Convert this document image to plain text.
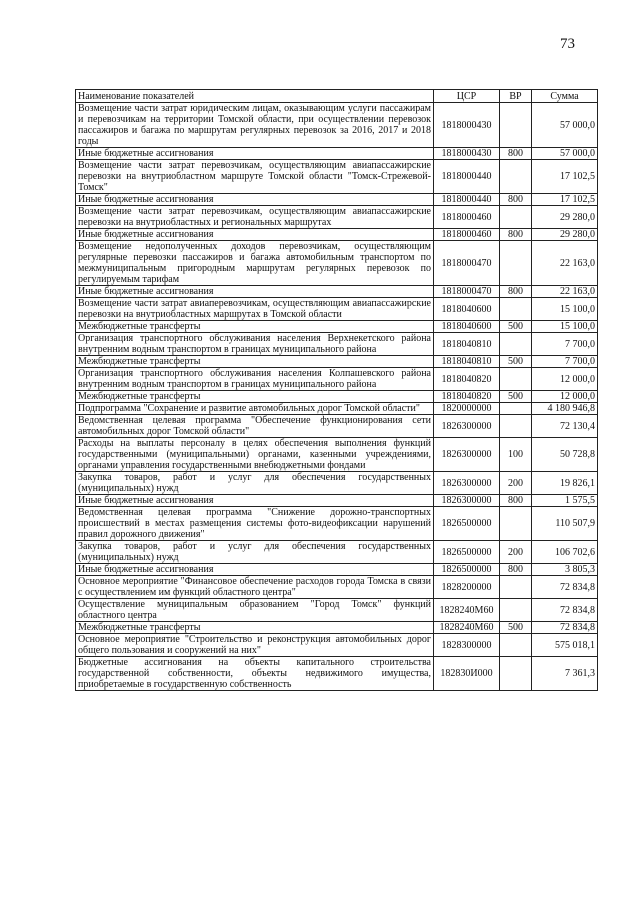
73
Наименование показателей	ЦСР	ВР	Сумма
Возмещение части затрат юридическим лицам, оказывающим услуги пассажирам и перевозчикам на территории Томской области, при осуществлении перевозок пассажиров и багажа по маршрутам регулярных перевозок за 2016, 2017 и 2018 годы	1818000430		57 000,0
Иные бюджетные ассигнования	1818000430	800	57 000,0
Возмещение части затрат перевозчикам, осуществляющим авиапассажирские перевозки на внутриобластном маршруте Томской области "Томск-Стрежевой-Томск"	1818000440		17 102,5
Иные бюджетные ассигнования	1818000440	800	17 102,5
Возмещение части затрат перевозчикам, осуществляющим авиапассажирские перевозки на внутриобластных и региональных маршрутах	1818000460		29 280,0
Иные бюджетные ассигнования	1818000460	800	29 280,0
Возмещение недополученных доходов перевозчикам, осуществляющим регулярные перевозки пассажиров и багажа автомобильным транспортом по межмуниципальным пригородным маршрутам регулярных перевозок по регулируемым тарифам	1818000470		22 163,0
Иные бюджетные ассигнования	1818000470	800	22 163,0
Возмещение части затрат авиаперевозчикам, осуществляющим авиапассажирские перевозки на внутриобластных маршрутах в Томской области	1818040600		15 100,0
Межбюджетные трансферты	1818040600	500	15 100,0
Организация транспортного обслуживания населения Верхнекетского района внутренним водным транспортом в границах муниципального района	1818040810		7 700,0
Межбюджетные трансферты	1818040810	500	7 700,0
Организация транспортного обслуживания населения Колпашевского района внутренним водным транспортом в границах муниципального района	1818040820		12 000,0
Межбюджетные трансферты	1818040820	500	12 000,0
Подпрограмма "Сохранение и развитие автомобильных дорог Томской области"	1820000000		4 180 946,8
Ведомственная целевая программа "Обеспечение функционирования сети автомобильных дорог Томской области"	1826300000		72 130,4
Расходы на выплаты персоналу в целях обеспечения выполнения функций государственными (муниципальными) органами, казенными учреждениями, органами управления государственными внебюджетными фондами	1826300000	100	50 728,8
Закупка товаров, работ и услуг для обеспечения государственных (муниципальных) нужд	1826300000	200	19 826,1
Иные бюджетные ассигнования	1826300000	800	1 575,5
Ведомственная целевая программа "Снижение дорожно-транспортных происшествий в местах размещения системы фото-видеофиксации нарушений правил дорожного движения"	1826500000		110 507,9
Закупка товаров, работ и услуг для обеспечения государственных (муниципальных) нужд	1826500000	200	106 702,6
Иные бюджетные ассигнования	1826500000	800	3 805,3
Основное мероприятие "Финансовое обеспечение расходов города Томска в связи с осуществлением им функций областного центра"	1828200000		72 834,8
Осуществление муниципальным образованием "Город Томск" функций областного центра	1828240М60		72 834,8
Межбюджетные трансферты	1828240М60	500	72 834,8
Основное мероприятие "Строительство и реконструкция автомобильных дорог общего пользования и сооружений на них"	1828300000		575 018,1
Бюджетные ассигнования на объекты капитального строительства государственной собственности, объекты недвижимого имущества, приобретаемые в государственную собственность	182830И000		7 361,3
